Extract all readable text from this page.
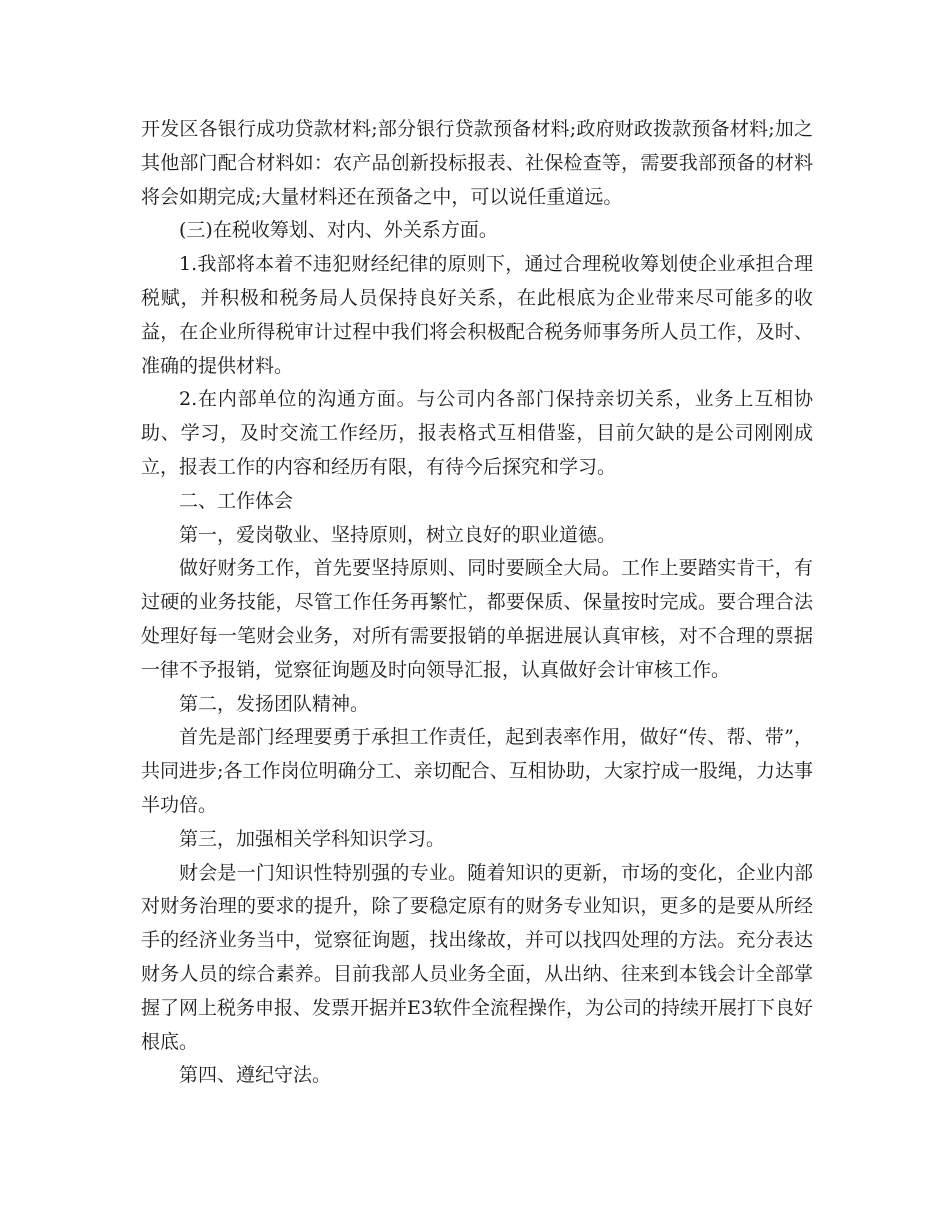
开发区各银行成功贷款材料;部分银行贷款预备材料;政府财政拨款预备材料;加之其他部门配合材料如：农产品创新投标报表、社保检查等，需要我部预备的材料将会如期完成;大量材料还在预备之中，可以说任重道远。

(三)在税收筹划、对内、外关系方面。

1.我部将本着不违犯财经纪律的原则下，通过合理税收筹划使企业承担合理税赋，并积极和税务局人员保持良好关系，在此根底为企业带来尽可能多的收益，在企业所得税审计过程中我们将会积极配合税务师事务所人员工作，及时、准确的提供材料。

2.在内部单位的沟通方面。与公司内各部门保持亲切关系，业务上互相协助、学习，及时交流工作经历，报表格式互相借鉴，目前欠缺的是公司刚刚成立，报表工作的内容和经历有限，有待今后探究和学习。

二、工作体会

第一，爱岗敬业、坚持原则，树立良好的职业道德。

做好财务工作，首先要坚持原则、同时要顾全大局。工作上要踏实肯干，有过硬的业务技能，尽管工作任务再繁忙，都要保质、保量按时完成。要合理合法处理好每一笔财会业务，对所有需要报销的单据进展认真审核，对不合理的票据一律不予报销，觉察征询题及时向领导汇报，认真做好会计审核工作。

第二，发扬团队精神。

首先是部门经理要勇于承担工作责任，起到表率作用，做好“传、帮、带”，共同进步;各工作岗位明确分工、亲切配合、互相协助，大家拧成一股绳，力达事半功倍。

第三，加强相关学科知识学习。

财会是一门知识性特别强的专业。随着知识的更新，市场的变化，企业内部对财务治理的要求的提升，除了要稳定原有的财务专业知识，更多的是要从所经手的经济业务当中，觉察征询题，找出缘故，并可以找四处理的方法。充分表达财务人员的综合素养。目前我部人员业务全面，从出纳、往来到本钱会计全部掌握了网上税务申报、发票开据并E3软件全流程操作，为公司的持续开展打下良好根底。

第四、遵纪守法。
